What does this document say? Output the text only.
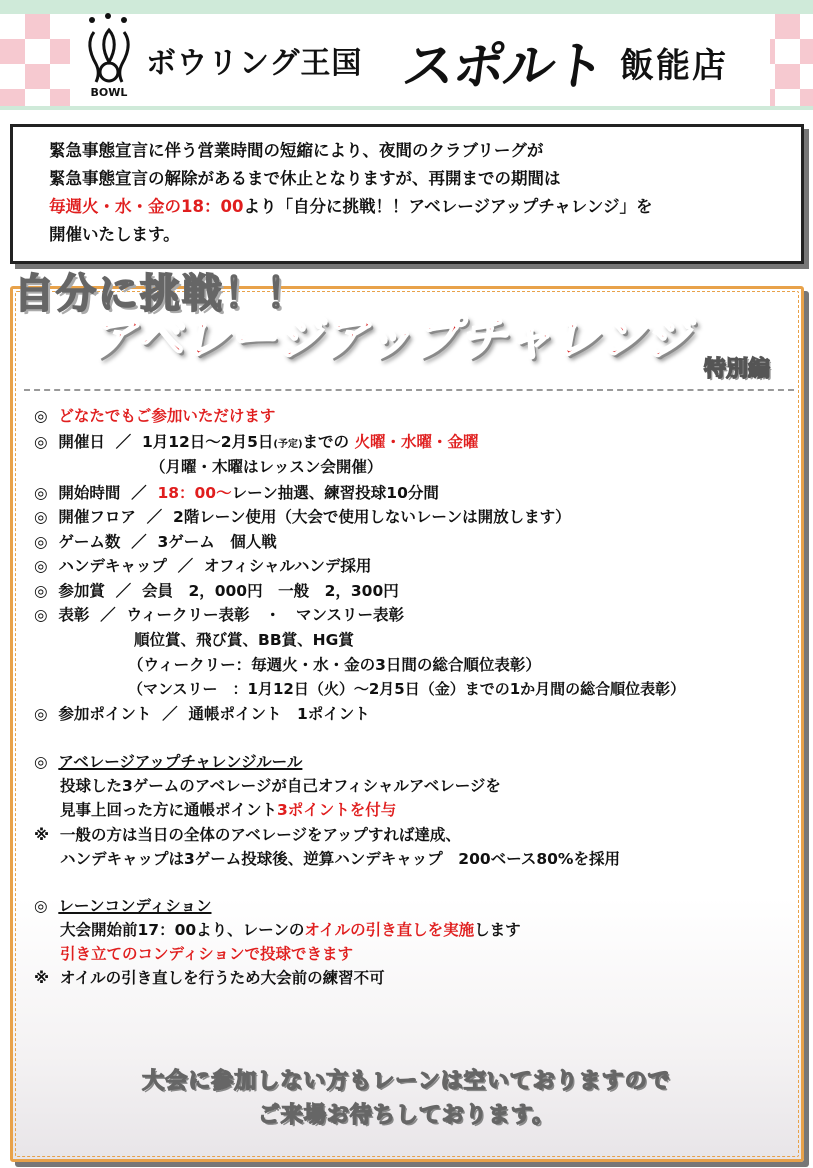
BOWL
ボウリング王国 スポルト 飯能店
緊急事態宣言に伴う営業時間の短縮により、夜間のクラブリーグが
緊急事態宣言の解除があるまで休止となりますが、再開までの期間は
毎週火・水・金の18：00より「自分に挑戦！！アベレージアップチャレンジ」を
開催いたします。
自分に挑戦！！
アベレージアップチャレンジ
特別編
◎ どなたでもご参加いただけます
◎ 開催日 ／ 1月12日～2月5日(予定)までの 火曜・水曜・金曜
（月曜・木曜はレッスン会開催）
◎ 開始時間 ／ 18：00～レーン抽選、練習投球10分間
◎ 開催フロア ／ 2階レーン使用（大会で使用しないレーンは開放します）
◎ ゲーム数 ／ 3ゲーム　個人戦
◎ ハンデキャップ ／ オフィシャルハンデ採用
◎ 参加賞 ／ 会員　2，000円　一般　2，300円
◎ 表彰 ／ ウィークリー表彰　・　マンスリー表彰
順位賞、飛び賞、BB賞、HG賞
（ウィークリー：毎週火・水・金の3日間の総合順位表彰）
（マンスリー　：1月12日（火）～2月5日（金）までの1か月間の総合順位表彰）
◎ 参加ポイント ／ 通帳ポイント　1ポイント
◎ アベレージアップチャレンジルール
投球した3ゲームのアベレージが自己オフィシャルアベレージを
見事上回った方に通帳ポイント3ポイントを付与
※ 一般の方は当日の全体のアベレージをアップすれば達成、
ハンデキャップは3ゲーム投球後、逆算ハンデキャップ　200ベース80%を採用
◎ レーンコンディション
大会開始前17：00より、レーンのオイルの引き直しを実施します
引き立てのコンディションで投球できます
※ オイルの引き直しを行うため大会前の練習不可
大会に参加しない方もレーンは空いておりますので
ご来場お待ちしております。
